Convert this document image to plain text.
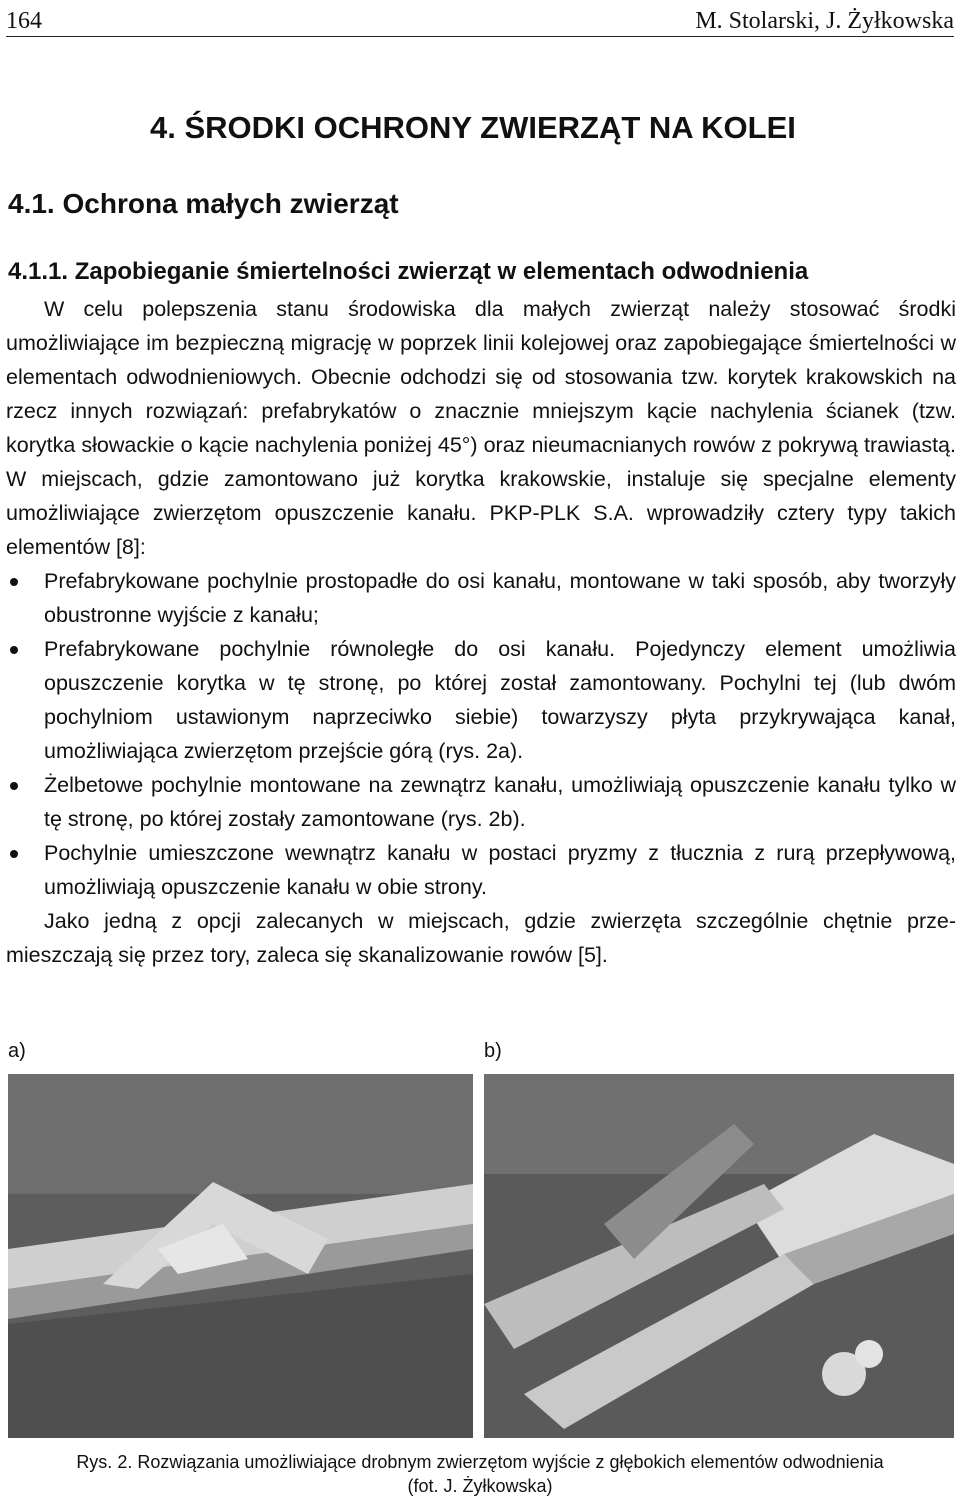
164	M. Stolarski, J. Żyłkowska
4. ŚRODKI OCHRONY ZWIERZĄT NA KOLEI
4.1. Ochrona małych zwierząt
4.1.1. Zapobieganie śmiertelności zwierząt w elementach odwodnienia

W celu polepszenia stanu środowiska dla małych zwierząt należy stosować środki umożliwiające im bezpieczną migrację w poprzek linii kolejowej oraz zapobiegające śmiertelności w elementach odwodnieniowych. Obecnie odchodzi się od stosowania tzw. korytek krakowskich na rzecz innych rozwiązań: prefabrykatów o znacznie mniejszym kącie nachylenia ścianek (tzw. korytka słowackie o kącie nachylenia poniżej 45°) oraz nieumacnianych rowów z pokrywą trawiastą. W miejscach, gdzie zamontowano już korytka krakowskie, instaluje się specjalne elementy umożliwiające zwierzętom opuszczenie kanału. PKP-PLK S.A. wprowadziły cztery typy takich elementów [8]:

Prefabrykowane pochylnie prostopadłe do osi kanału, montowane w taki sposób, aby tworzyły obustronne wyjście z kanału;
Prefabrykowane pochylnie równoległe do osi kanału. Pojedynczy element umożliwia opuszczenie korytka w tę stronę, po której został zamontowany. Pochylni tej (lub dwóm pochylniom ustawionym naprzeciwko siebie) towarzyszy płyta przykrywająca kanał, umożliwiająca zwierzętom przejście górą (rys. 2a).
Żelbetowe pochylnie montowane na zewnątrz kanału, umożliwiają opuszczenie kanału tylko w tę stronę, po której zostały zamontowane (rys. 2b).
Pochylnie umieszczone wewnątrz kanału w postaci pryzmy z tłucznia z rurą przepływową, umożliwiają opuszczenie kanału w obie strony.

Jako jedną z opcji zalecanych w miejscach, gdzie zwierzęta szczególnie chętnie przemieszczają się przez tory, zaleca się skanalizowanie rowów [5].

a)	b)
Rys. 2. Rozwiązania umożliwiające drobnym zwierzętom wyjście z głębokich elementów odwodnienia
(fot. J. Żyłkowska)
